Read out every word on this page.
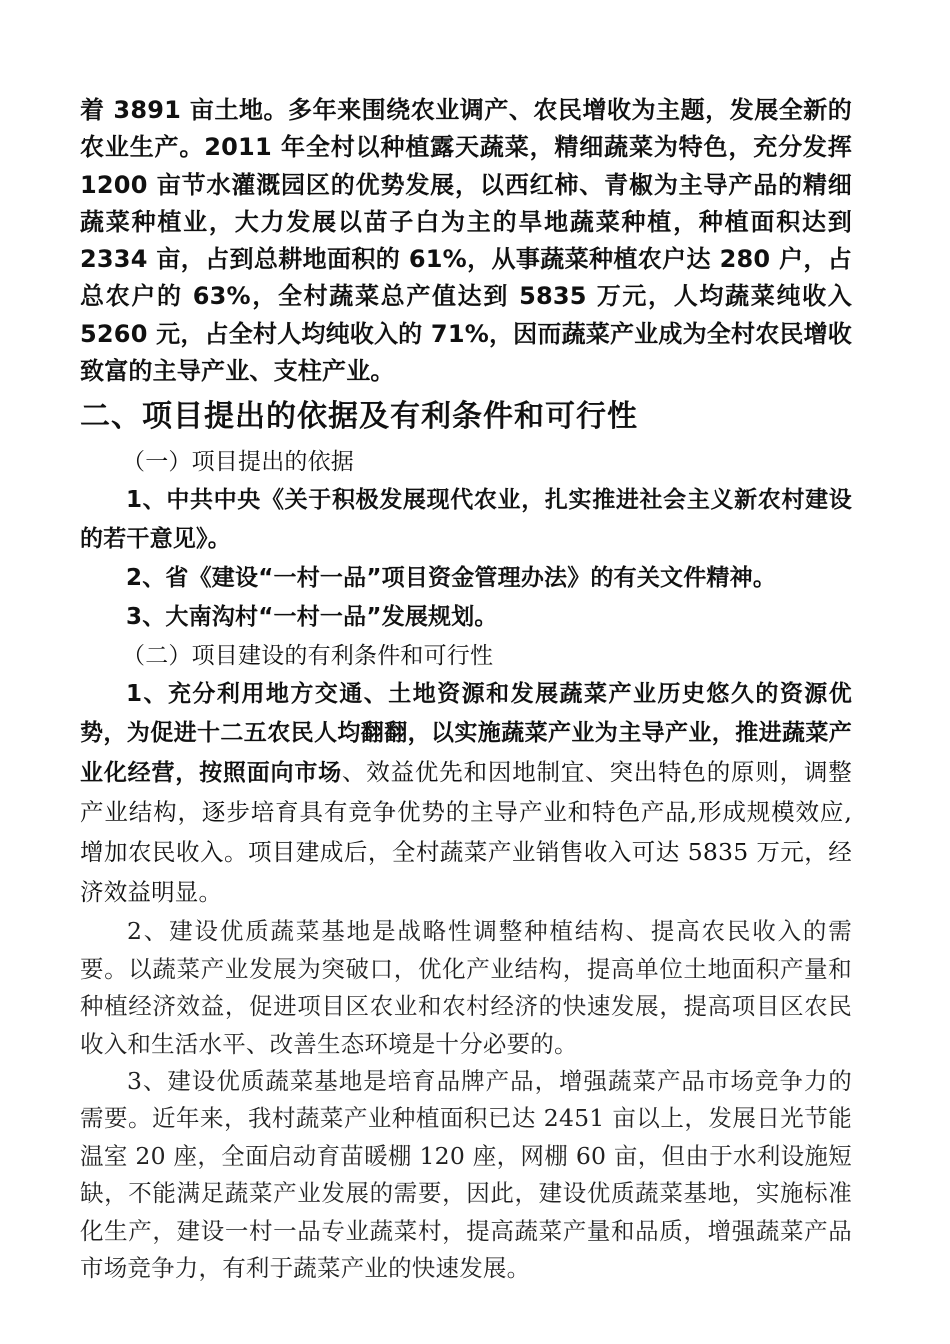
着 3891 亩土地。多年来围绕农业调产、农民增收为主题，发展全新的农业生产。2011 年全村以种植露天蔬菜，精细蔬菜为特色，充分发挥 1200 亩节水灌溉园区的优势发展，以西红柿、青椒为主导产品的精细蔬菜种植业，大力发展以苗子白为主的旱地蔬菜种植，种植面积达到 2334 亩，占到总耕地面积的 61%，从事蔬菜种植农户达 280 户，占总农户的 63%，全村蔬菜总产值达到 5835 万元，人均蔬菜纯收入 5260 元，占全村人均纯收入的 71%，因而蔬菜产业成为全村农民增收致富的主导产业、支柱产业。

二、项目提出的依据及有利条件和可行性

（一）项目提出的依据

1、中共中央《关于积极发展现代农业，扎实推进社会主义新农村建设的若干意见》。

2、省《建设“一村一品”项目资金管理办法》的有关文件精神。

3、大南沟村“一村一品”发展规划。

（二）项目建设的有利条件和可行性

1、充分利用地方交通、土地资源和发展蔬菜产业历史悠久的资源优势，为促进十二五农民人均翻翻，以实施蔬菜产业为主导产业，推进蔬菜产业化经营，按照面向市场、效益优先和因地制宜、突出特色的原则，调整产业结构，逐步培育具有竞争优势的主导产业和特色产品,形成规模效应,增加农民收入。项目建成后，全村蔬菜产业销售收入可达 5835 万元，经济效益明显。

2、建设优质蔬菜基地是战略性调整种植结构、提高农民收入的需要。以蔬菜产业发展为突破口，优化产业结构，提高单位土地面积产量和种植经济效益，促进项目区农业和农村经济的快速发展，提高项目区农民收入和生活水平、改善生态环境是十分必要的。

3、建设优质蔬菜基地是培育品牌产品，增强蔬菜产品市场竞争力的需要。近年来，我村蔬菜产业种植面积已达 2451 亩以上，发展日光节能温室 20 座，全面启动育苗暖棚 120 座，网棚 60 亩，但由于水利设施短缺，不能满足蔬菜产业发展的需要，因此，建设优质蔬菜基地，实施标准化生产，建设一村一品专业蔬菜村，提高蔬菜产量和品质，增强蔬菜产品市场竞争力，有利于蔬菜产业的快速发展。
